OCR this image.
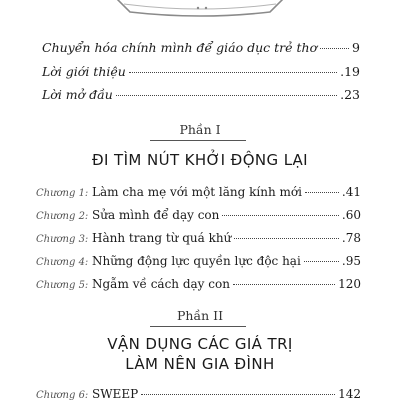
Chuyển hóa chính mình để giáo dục trẻ thơ	9
Lời giới thiệu	.19
Lời mở đầu	.23
Phần I
ĐI TÌM NÚT KHỞI ĐỘNG LẠI
Chương 1: Làm cha mẹ với một lăng kính mới	.41
Chương 2: Sửa mình để dạy con	.60
Chương 3: Hành trang từ quá khứ	.78
Chương 4: Những động lực quyền lực độc hại	.95
Chương 5: Ngẫm về cách dạy con	120
Phần II
VẬN DỤNG CÁC GIÁ TRỊ
LÀM NÊN GIA ĐÌNH
Chương 6: SWEEP	142
